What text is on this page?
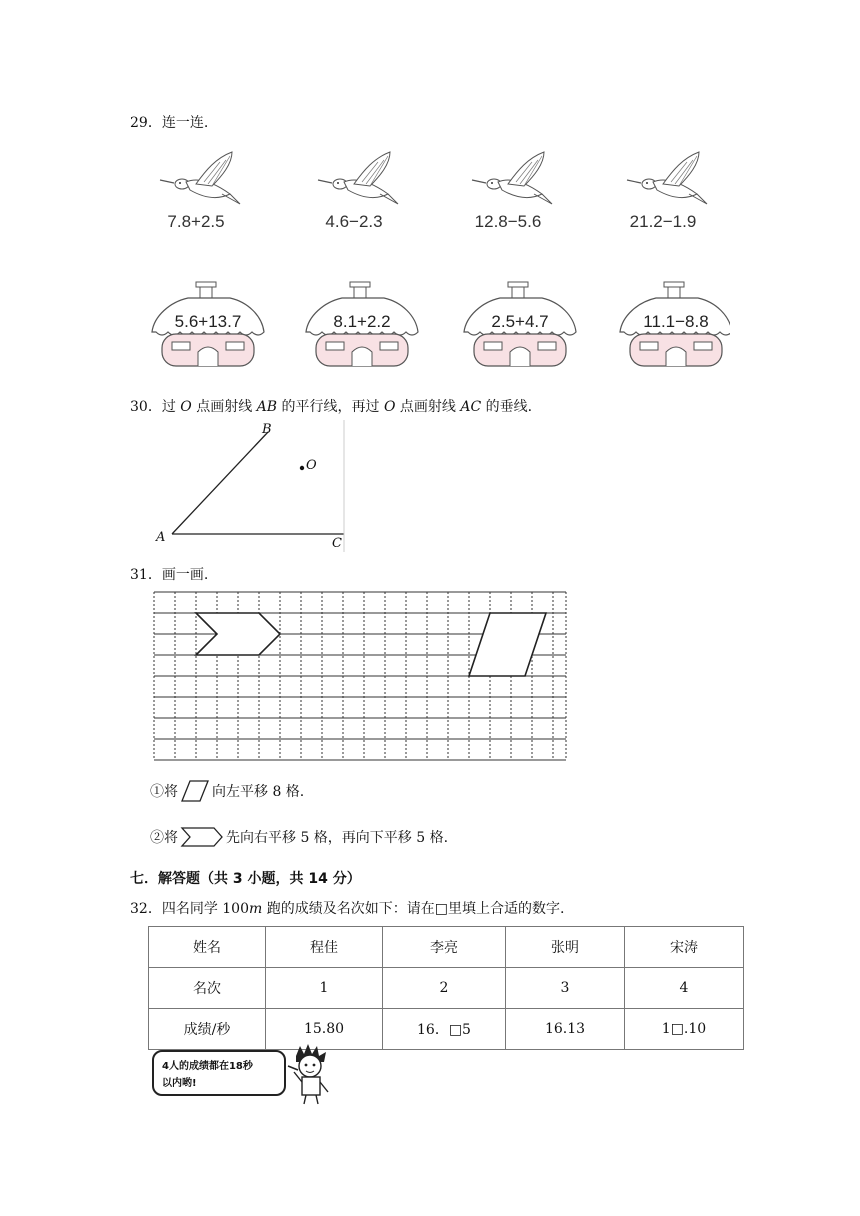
29．连一连.
7.8+2.5	4.6−2.3	12.8−5.6	21.2−1.9
5.6+13.7	8.1+2.2	2.5+4.7	11.1−8.8
30．过 O 点画射线 AB 的平行线，再过 O 点画射线 AC 的垂线.
B
O
A	C
31．画一画.
①将 向左平移 8 格.
②将	先向右平移 5 格，再向下平移 5 格.
七．解答题（共 3 小题，共 14 分）
32．四名同学 100m 跑的成绩及名次如下：请在□里填上合适的数字.
姓名	程佳	李亮	张明	宋涛
名次	1	2	3	4
成绩/秒	15.80	16．□5	16.13	1□.10
4人的成绩都在18秒
以内哟!
